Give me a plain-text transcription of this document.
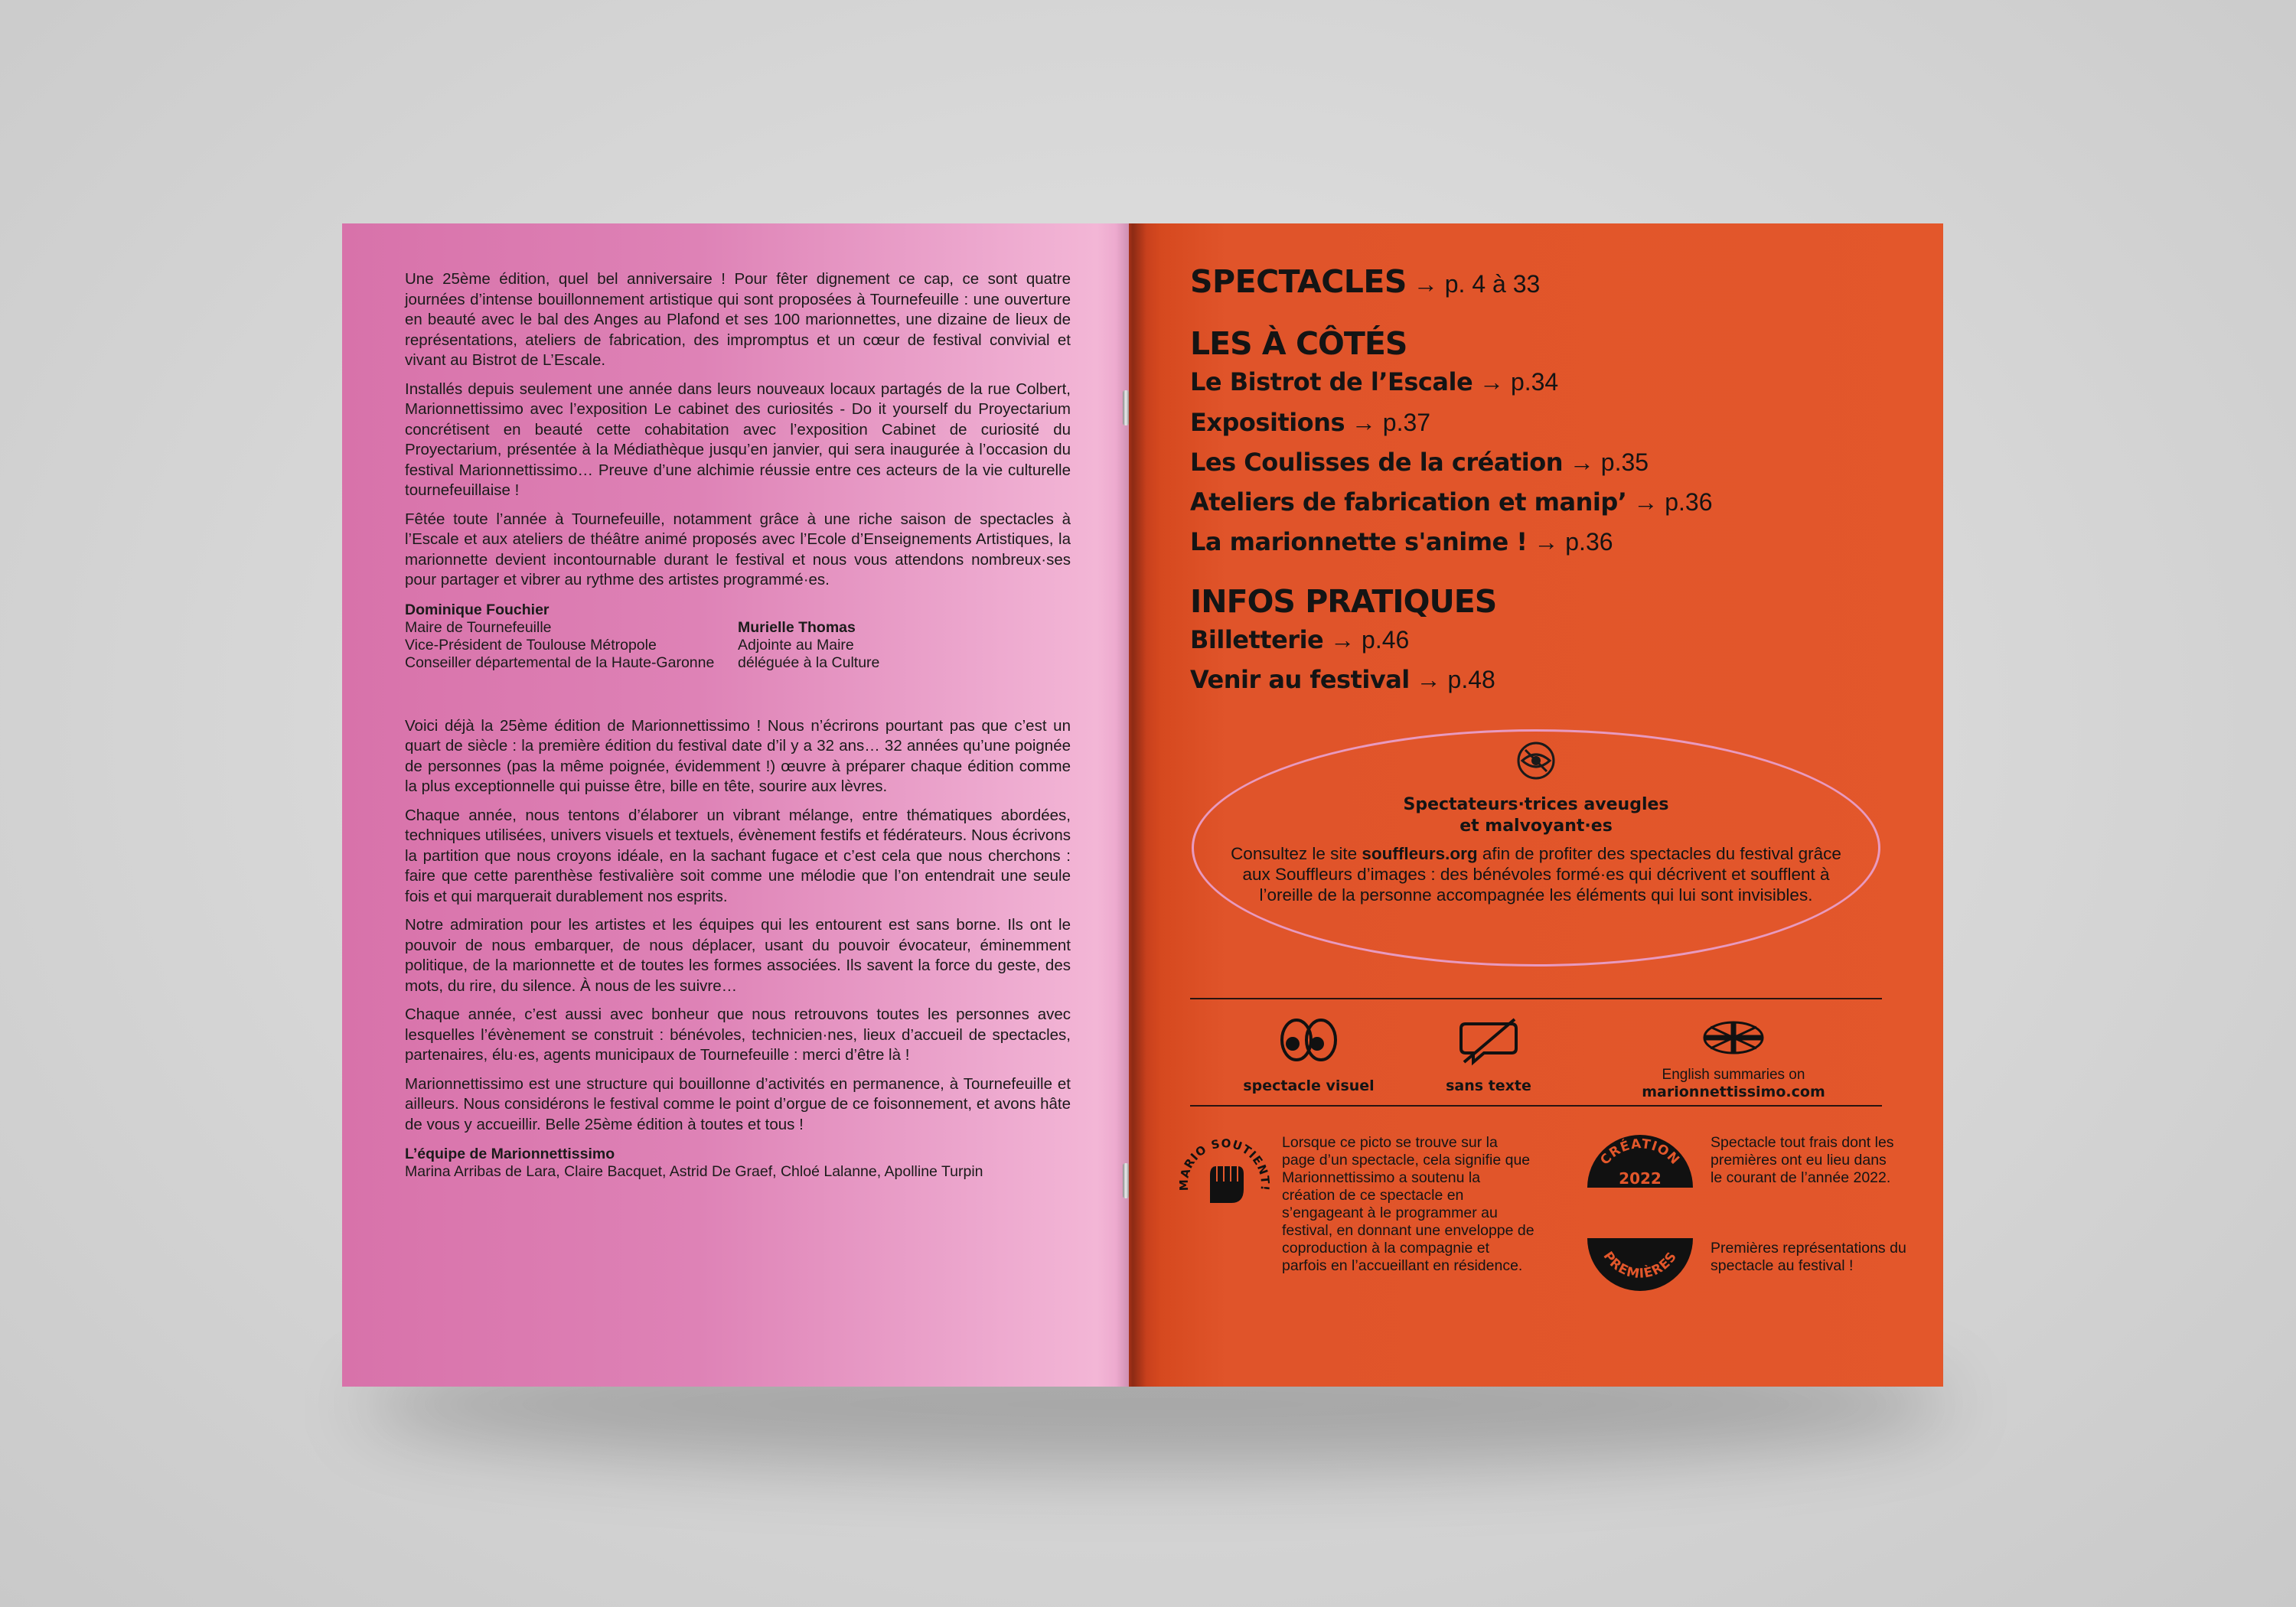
Une 25ème édition, quel bel anniversaire ! Pour fêter dignement ce cap, ce sont quatre journées d’intense bouillonnement artistique qui sont proposées à Tournefeuille : une ouverture en beauté avec le bal des Anges au Plafond et ses 100 marionnettes, une dizaine de lieux de représentations, ateliers de fabrication, des impromptus et un cœur de festival convivial et vivant au Bistrot de L’Escale.

Installés depuis seulement une année dans leurs nouveaux locaux partagés de la rue Colbert, Marionnettissimo avec l’exposition Le cabinet des curiosités - Do it yourself du Proyectarium concrétisent en beauté cette cohabitation avec l’exposition Cabinet de curiosité du Proyectarium, présentée à la Médiathèque jusqu’en janvier, qui sera inaugurée à l’occasion du festival Marionnettissimo… Preuve d’une alchimie réussie entre ces acteurs de la vie culturelle tournefeuillaise !

Fêtée toute l’année à Tournefeuille, notamment grâce à une riche saison de spectacles à l’Escale et aux ateliers de théâtre animé proposés avec l’Ecole d’Enseignements Artistiques, la marionnette devient incontournable durant le festival et nous vous attendons nombreux·ses pour partager et vibrer au rythme des artistes programmé·es.

Dominique Fouchier
Maire de Tournefeuille
Vice-Président de Toulouse Métropole
Conseiller départemental de la Haute-Garonne
Murielle Thomas
Adjointe au Maire
déléguée à la Culture

Voici déjà la 25ème édition de Marionnettissimo ! Nous n’écrirons pourtant pas que c’est un quart de siècle : la première édition du festival date d’il y a 32 ans… 32 années qu’une poignée de personnes (pas la même poignée, évidemment !) œuvre à préparer chaque édition comme la plus exceptionnelle qui puisse être, bille en tête, sourire aux lèvres.

Chaque année, nous tentons d’élaborer un vibrant mélange, entre thématiques abordées, techniques utilisées, univers visuels et textuels, évènement festifs et fédérateurs. Nous écrivons la partition que nous croyons idéale, en la sachant fugace et c’est cela que nous cherchons : faire que cette parenthèse festivalière soit comme une mélodie que l’on entendrait une seule fois et qui marquerait durablement nos esprits.

Notre admiration pour les artistes et les équipes qui les entourent est sans borne. Ils ont le pouvoir de nous embarquer, de nous déplacer, usant du pouvoir évocateur, éminemment politique, de la marionnette et de toutes les formes associées. Ils savent la force du geste, des mots, du rire, du silence. À nous de les suivre…

Chaque année, c’est aussi avec bonheur que nous retrouvons toutes les personnes avec lesquelles l’évènement se construit : bénévoles, technicien·nes, lieux d’accueil de spectacles, partenaires, élu·es, agents municipaux de Tournefeuille : merci d’être là !

Marionnettissimo est une structure qui bouillonne d’activités en permanence, à Tournefeuille et ailleurs. Nous considérons le festival comme le point d’orgue de ce foisonnement, et avons hâte de vous y accueillir. Belle 25ème édition à toutes et tous !

L’équipe de Marionnettissimo
Marina Arribas de Lara, Claire Bacquet, Astrid De Graef, Chloé Lalanne, Apolline Turpin
SPECTACLES → p. 4 à 33
LES À CÔTÉS
Le Bistrot de l’Escale → p.34
Expositions → p.37
Les Coulisses de la création → p.35
Ateliers de fabrication et manip’ → p.36
La marionnette s'anime ! → p.36
INFOS PRATIQUES
Billetterie → p.46
Venir au festival → p.48
Spectateurs·trices aveugles
et malvoyant·es
Consultez le site souffleurs.org afin de profiter des spectacles du festival grâce aux Souffleurs d’images : des bénévoles formé·es qui décrivent et soufflent à l’oreille de la personne accompagnée les éléments qui lui sont invisibles.
spectacle visuel	sans texte
English summaries on
marionnettissimo.com
MARIO SOUTIENT!
Lorsque ce picto se trouve sur la page d’un spectacle, cela signifie que Marionnettissimo a soutenu la création de ce spectacle en s’engageant à le programmer au festival, en donnant une enveloppe de coproduction à la compagnie et parfois en l’accueillant en résidence.
CRÉATION
2022
Spectacle tout frais dont les premières ont eu lieu dans le courant de l’année 2022.
PREMIÈRES
Premières représentations du spectacle au festival !
